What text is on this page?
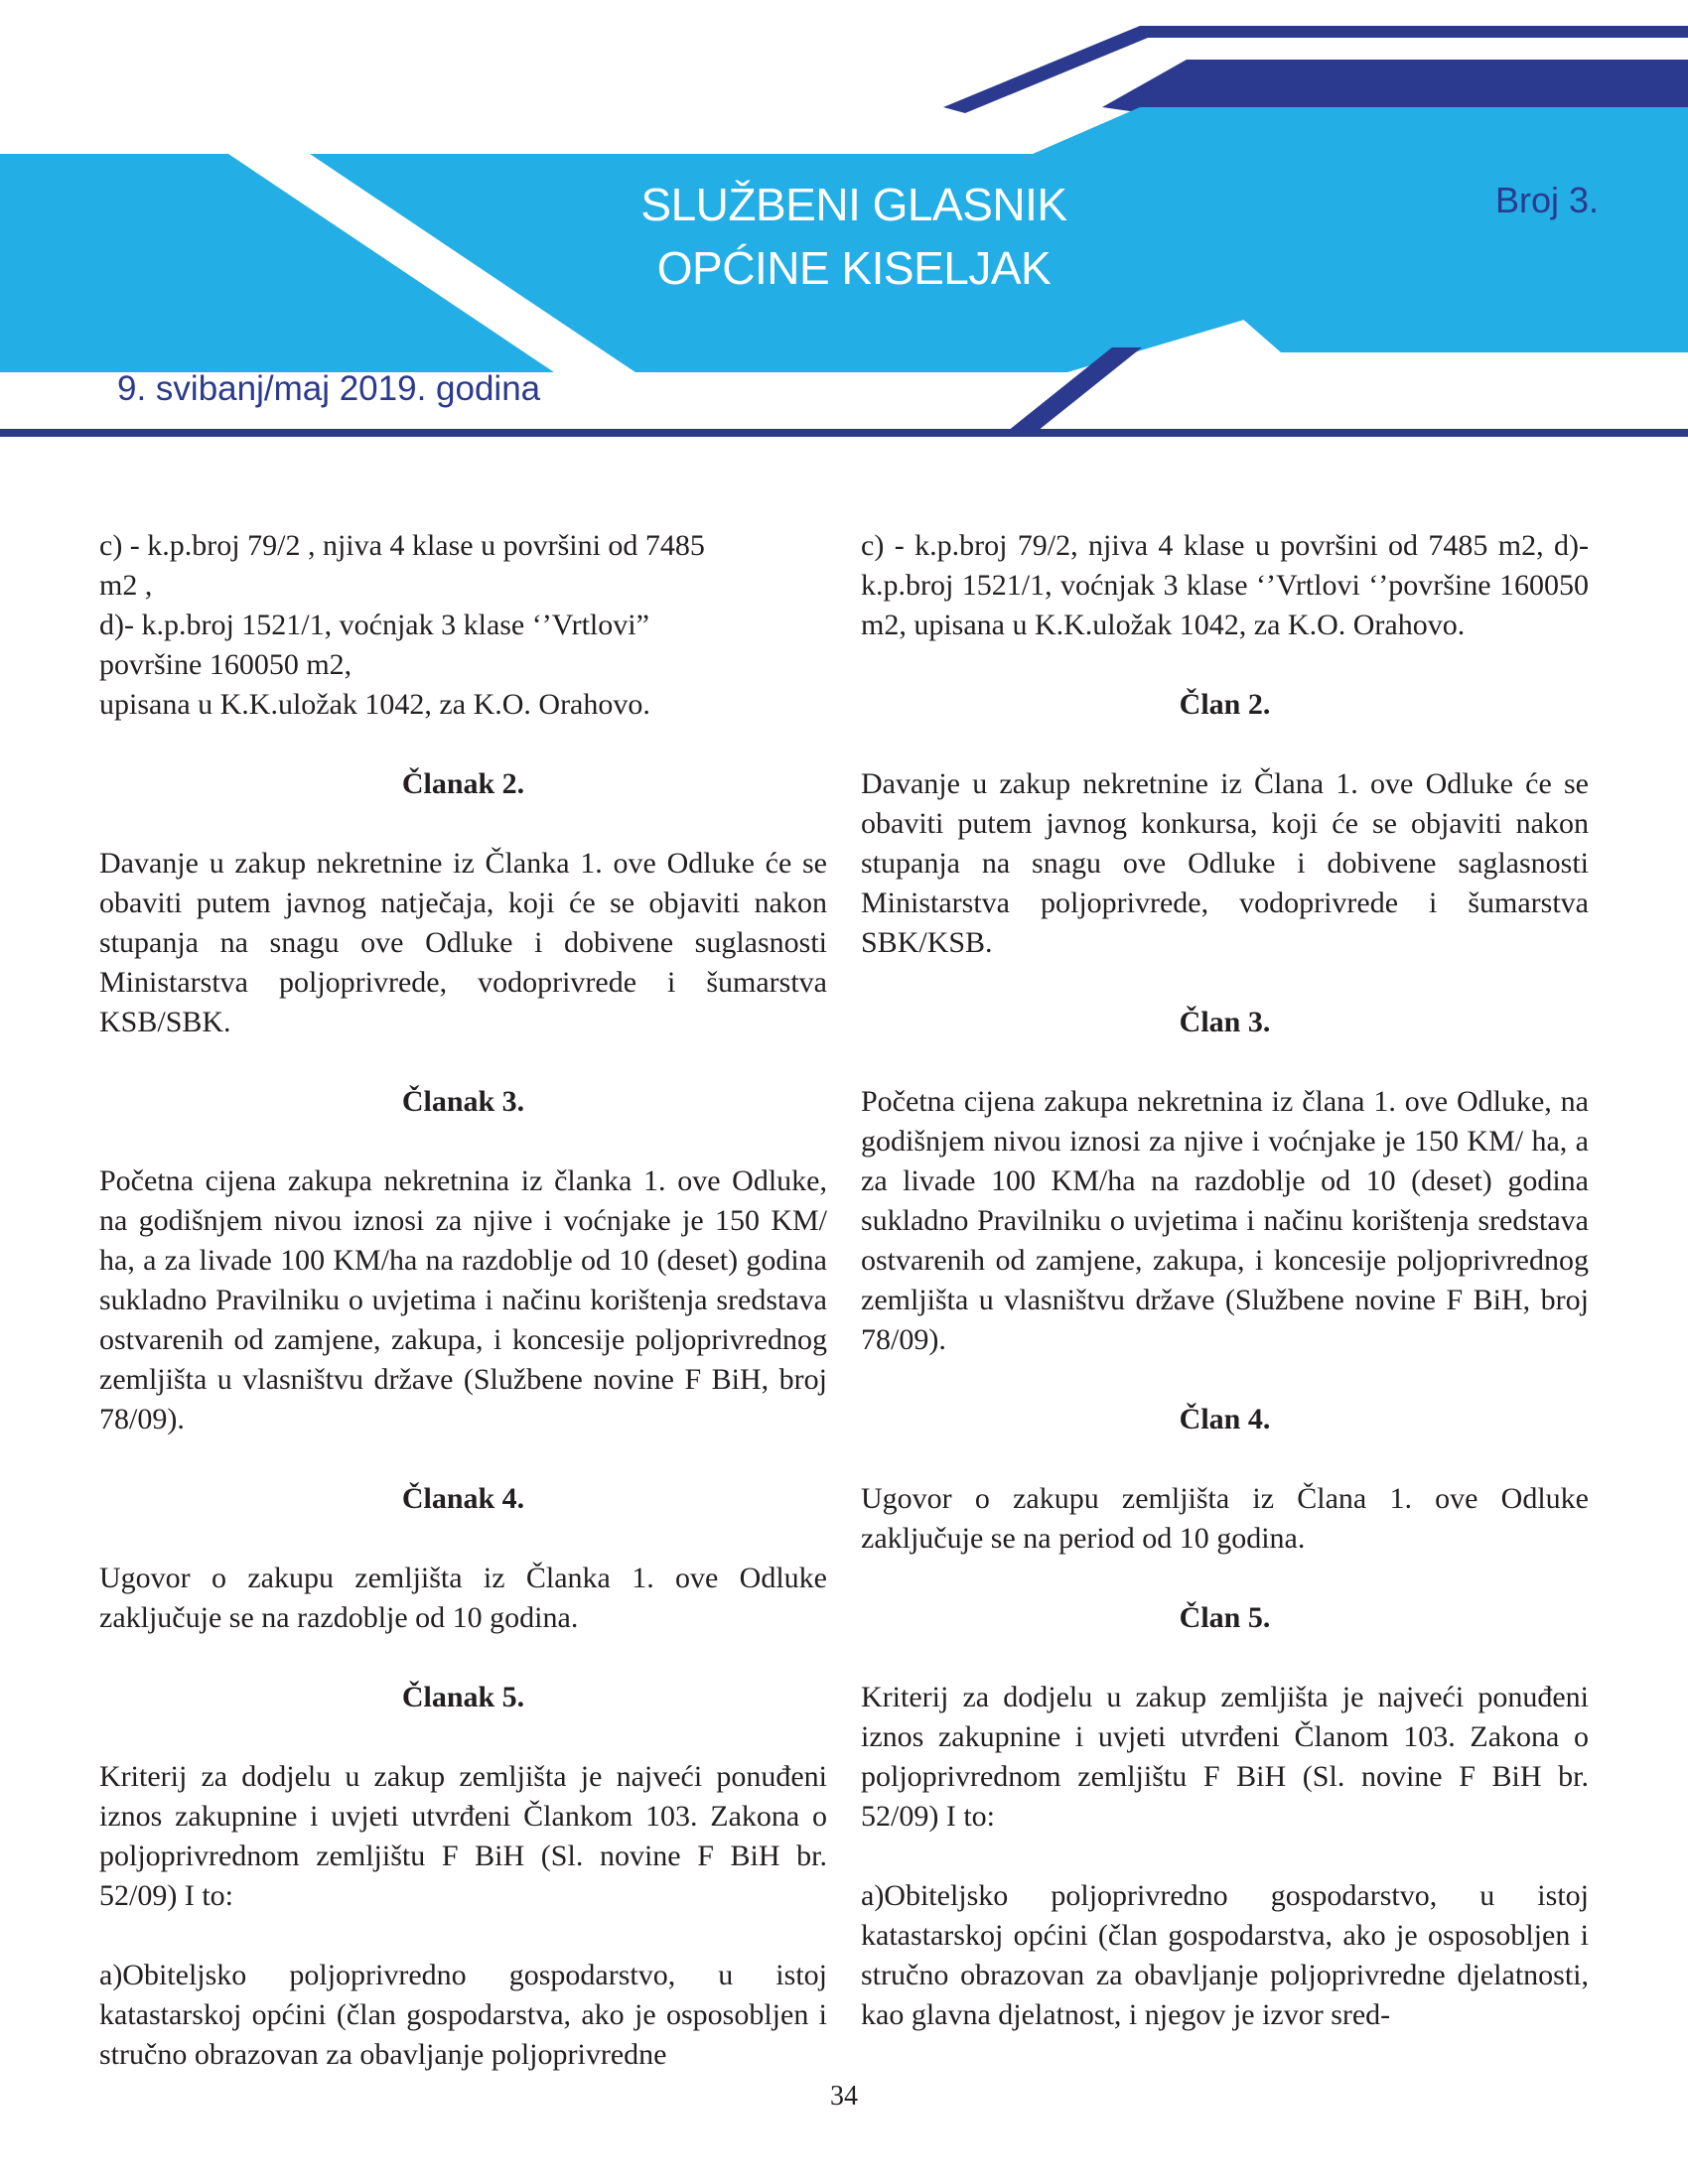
SLUŽBENI GLASNIK
OPĆINE KISELJAK
Broj 3.
9. svibanj/maj 2019. godina

c) - k.p.broj 79/2 , njiva 4 klase u površini od 7485

m2 ,

d)- k.p.broj 1521/1, voćnjak 3 klase ‘’Vrtlovi”

površine 160050 m2,

upisana u K.K.uložak 1042, za K.O. Orahovo.

Članak 2.

Davanje u zakup nekretnine iz Članka 1. ove Odluke će se obaviti putem javnog natječaja, koji će se objaviti nakon stupanja na snagu ove Odluke i dobivene suglasnosti Ministarstva poljoprivrede, vodoprivrede i šumarstva KSB/SBK.

Članak 3.

Početna cijena zakupa nekretnina iz članka 1. ove Odluke, na godišnjem nivou iznosi za njive i voćnjake je 150 KM/ ha, a za livade 100 KM/ha na razdoblje od 10 (deset) godina sukladno Pravilniku o uvjetima i načinu korištenja sredstava ostvarenih od zamjene, zakupa, i koncesije poljoprivrednog zemljišta u vlasništvu države (Službene novine F BiH, broj 78/09).

Članak 4.

Ugovor o zakupu zemljišta iz Članka 1. ove Odluke zaključuje se na razdoblje od 10 godina.

Članak 5.

Kriterij za dodjelu u zakup zemljišta je najveći ponuđeni iznos zakupnine i uvjeti utvrđeni Člankom 103. Zakona o poljoprivrednom zemljištu F BiH (Sl. novine F BiH br. 52/09) I to:

a)Obiteljsko poljoprivredno gospodarstvo, u istoj katastarskoj općini (član gospodarstva, ako je osposobljen i stručno obrazovan za obavljanje poljoprivredne

c) - k.p.broj 79/2, njiva 4 klase u površini od 7485 m2, d)- k.p.broj 1521/1, voćnjak 3 klase ‘’Vrtlovi ‘’površine 160050 m2, upisana u K.K.uložak 1042, za K.O. Orahovo.

Član 2.

Davanje u zakup nekretnine iz Člana 1. ove Odluke će se obaviti putem javnog konkursa, koji će se objaviti nakon stupanja na snagu ove Odluke i dobivene saglasnosti Ministarstva poljoprivrede, vodoprivrede i šumarstva SBK/KSB.

Član 3.

Početna cijena zakupa nekretnina iz člana 1. ove Odluke, na godišnjem nivou iznosi za njive i voćnjake je 150 KM/ ha, a za livade 100 KM/ha na razdoblje od 10 (deset) godina sukladno Pravilniku o uvjetima i načinu korištenja sredstava ostvarenih od zamjene, zakupa, i koncesije poljoprivrednog zemljišta u vlasništvu države (Službene novine F BiH, broj 78/09).

Član 4.

Ugovor o zakupu zemljišta iz Člana 1. ove Odluke zaključuje se na period od 10 godina.

Član 5.

Kriterij za dodjelu u zakup zemljišta je najveći ponuđeni iznos zakupnine i uvjeti utvrđeni Članom 103. Zakona o poljoprivrednom zemljištu F BiH (Sl. novine F BiH br. 52/09) I to:

a)Obiteljsko poljoprivredno gospodarstvo, u istoj katastarskoj općini (član gospodarstva, ako je osposobljen i stručno obrazovan za obavljanje poljoprivredne djelatnosti, kao glavna djelatnost, i njegov je izvor sred-

34
